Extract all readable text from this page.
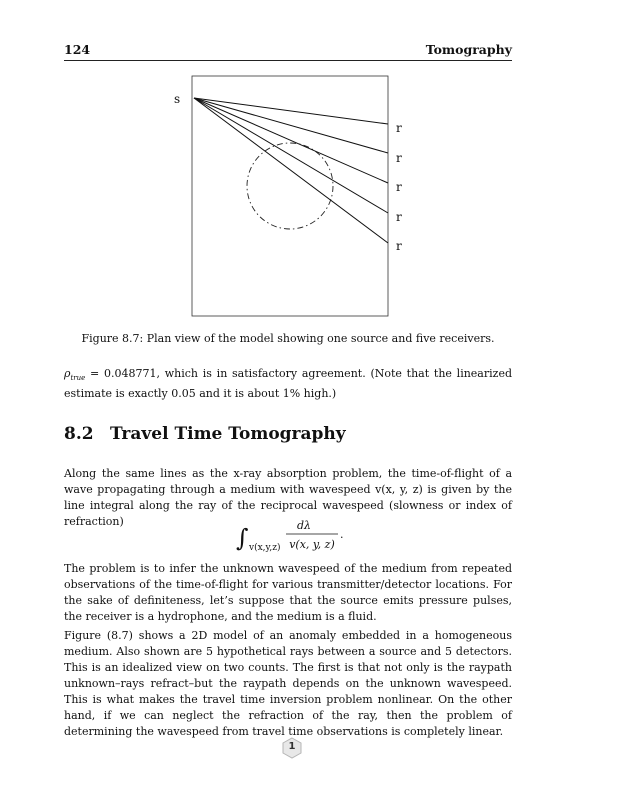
124	Tomography
s
r
r
r
r
r
Figure 8.7: Plan view of the model showing one source and five receivers.
$\rho_{true} = 0.048771$, which is in satisfactory agreement. (Note that the linearized estimate is exactly 0.05 and it is about 1% high.)
8.2 Travel Time Tomography
Along the same lines as the x-ray absorption problem, the time-of-flight of a wave propagating through a medium with wavespeed v(x, y, z) is given by the line integral along the ray of the reciprocal wavespeed (slowness or index of refraction)
∫ v(x,y,z)
dλ
v(x, y, z)
.
The problem is to infer the unknown wavespeed of the medium from repeated observations of the time-of-flight for various transmitter/detector locations. For the sake of definiteness, let’s suppose that the source emits pressure pulses, the receiver is a hydrophone, and the medium is a fluid.
Figure (8.7) shows a 2D model of an anomaly embedded in a homogeneous medium. Also shown are 5 hypothetical rays between a source and 5 detectors. This is an idealized view on two counts. The first is that not only is the raypath unknown–rays refract–but the raypath depends on the unknown wavespeed. This is what makes the travel time inversion problem nonlinear. On the other hand, if we can neglect the refraction of the ray, then the problem of determining the wavespeed from travel time observations is completely linear.
1
